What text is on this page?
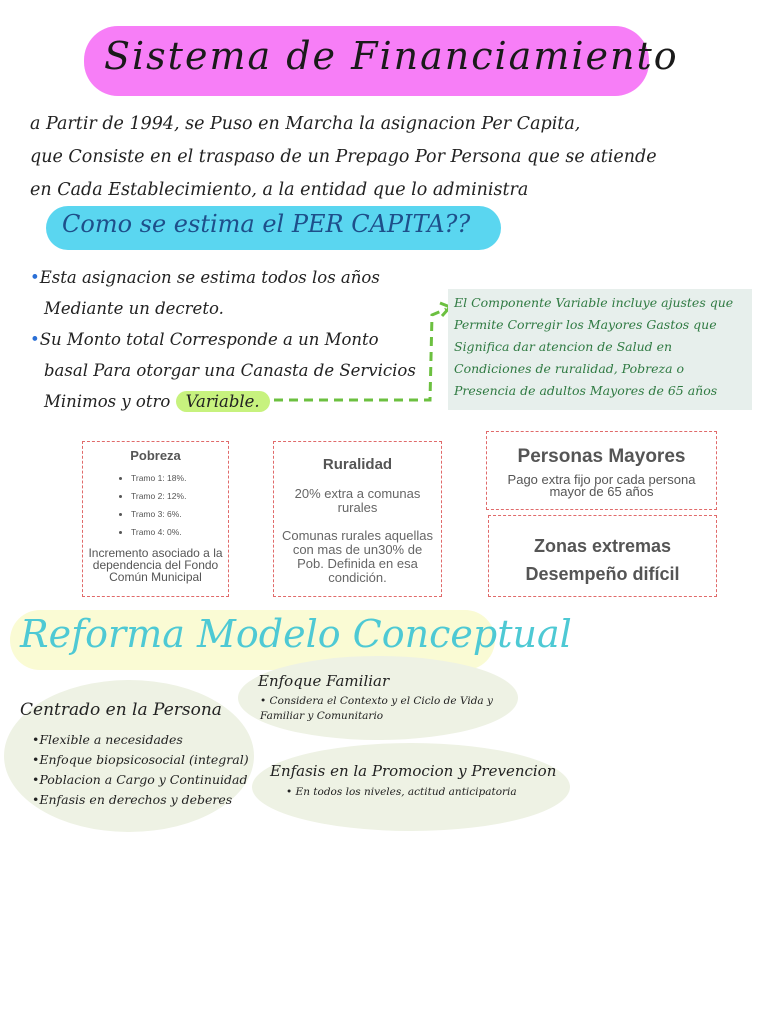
Sistema de Financiamiento
a Partir de 1994, se Puso en Marcha la asignacion Per Capita,
que Consiste en el traspaso de un Prepago Por Persona que se atiende
en Cada Establecimiento, a la entidad que lo administra
Como se estima el PER CAPITA??
•Esta asignacion se estima todos los años
Mediante un decreto.
•Su Monto total Corresponde a un Monto
basal Para otorgar una Canasta de Servicios
Minimos y otro Variable.
El Componente Variable incluye ajustes que Permite Corregir los Mayores Gastos que Significa dar atencion de Salud en Condiciones de ruralidad, Pobreza o Presencia de adultos Mayores de 65 años
Pobreza
• Tramo 1: 18%.
• Tramo 2: 12%.
• Tramo 3: 6%.
• Tramo 4: 0%.
Incremento asociado a la dependencia del Fondo Común Municipal
Ruralidad
20% extra a comunas rurales
Comunas rurales aquellas con mas de un30% de Pob. Definida en esa condición.
Personas Mayores
Pago extra fijo por cada persona mayor de 65 años
Zonas extremas
Desempeño difícil
Reforma Modelo Conceptual
Centrado en la Persona
•Flexible a necesidades
•Enfoque biopsicosocial (integral)
•Poblacion a Cargo y Continuidad
•Enfasis en derechos y deberes
Enfoque Familiar
• Considera el Contexto y el Ciclo de Vida y Familiar y Comunitario
Enfasis en la Promocion y Prevencion
• En todos los niveles, actitud anticipatoria
